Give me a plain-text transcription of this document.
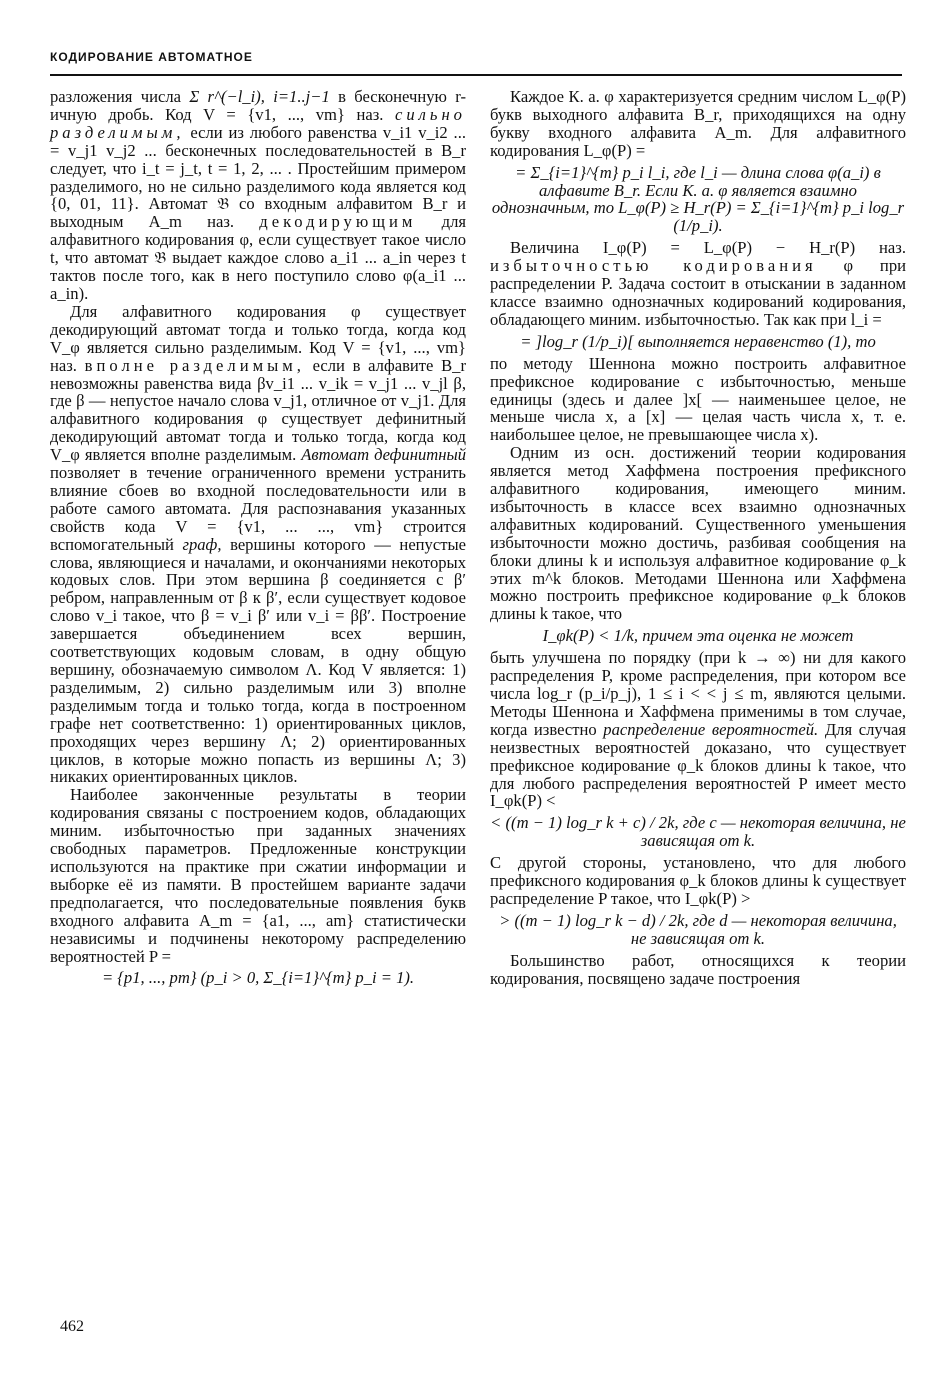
КОДИРОВАНИЕ АВТОМАТНОЕ

разложения числа Σ r^(−l_i), i=1..j−1 в бесконечную r-ичную дробь. Код V = {v1, ..., vm} наз. сильно разделимым, если из любого равенства v_i1 v_i2 ... = v_j1 v_j2 ... бесконечных последовательностей в B_r следует, что i_t = j_t, t = 1, 2, ... . Простейшим примером разделимого, но не сильно разделимого кода является код {0, 01, 11}. Автомат 𝔅 со входным алфавитом B_r и выходным A_m наз. декодирующим для алфавитного кодирования φ, если существует такое число t, что автомат 𝔅 выдает каждое слово a_i1 ... a_in через t тактов после того, как в него поступило слово φ(a_i1 ... a_in).

Для алфавитного кодирования φ существует декодирующий автомат тогда и только тогда, когда код V_φ является сильно разделимым. Код V = {v1, ..., vm} наз. вполне разделимым, если в алфавите B_r невозможны равенства вида βv_i1 ... v_ik = v_j1 ... v_jl β, где β — непустое начало слова v_j1, отличное от v_j1. Для алфавитного кодирования φ существует дефинитный декодирующий автомат тогда и только тогда, когда код V_φ является вполне разделимым. Автомат дефинитный позволяет в течение ограниченного времени устранить влияние сбоев во входной последовательности или в работе самого автомата. Для распознавания указанных свойств кода V = {v1, ... ..., vm} строится вспомогательный граф, вершины которого — непустые слова, являющиеся и началами, и окончаниями некоторых кодовых слов. При этом вершина β соединяется с β′ ребром, направленным от β к β′, если существует кодовое слово v_i такое, что β = v_i β′ или v_i = ββ′. Построение завершается объединением всех вершин, соответствующих кодовым словам, в одну общую вершину, обозначаемую символом Λ. Код V является: 1) разделимым, 2) сильно разделимым или 3) вполне разделимым тогда и только тогда, когда в построенном графе нет соответственно: 1) ориентированных циклов, проходящих через вершину Λ; 2) ориентированных циклов, в которые можно попасть из вершины Λ; 3) никаких ориентированных циклов.

Наиболее законченные результаты в теории кодирования связаны с построением кодов, обладающих миним. избыточностью при заданных значениях свободных параметров. Предложенные конструкции используются на практике при сжатии информации и выборке её из памяти. В простейшем варианте задачи предполагается, что последовательные появления букв входного алфавита A_m = {a1, ..., am} статистически независимы и подчинены некоторому распределению вероятностей P =

= {p1, ..., pm} (p_i > 0, Σ_{i=1}^{m} p_i = 1).

Каждое К. а. φ характеризуется средним числом L_φ(P) букв выходного алфавита B_r, приходящихся на одну букву входного алфавита A_m. Для алфавитного кодирования L_φ(P) =

= Σ_{i=1}^{m} p_i l_i, где l_i — длина слова φ(a_i) в алфавите B_r. Если К. а. φ является взаимно однозначным, то L_φ(P) ≥ H_r(P) = Σ_{i=1}^{m} p_i log_r (1/p_i).

Величина I_φ(P) = L_φ(P) − H_r(P) наз. избыточностью кодирования φ при распределении P. Задача состоит в отыскании в заданном классе взаимно однозначных кодирований кодирования, обладающего миним. избыточностью. Так как при l_i =

= ]log_r (1/p_i)[ выполняется неравенство (1), то

по методу Шеннона можно построить алфавитное префиксное кодирование с избыточностью, меньше единицы (здесь и далее ]x[ — наименьшее целое, не меньше числа x, а [x] — целая часть числа x, т. е. наибольшее целое, не превышающее числа x).

Одним из осн. достижений теории кодирования является метод Хаффмена построения префиксного алфавитного кодирования, имеющего миним. избыточность в классе всех взаимно однозначных алфавитных кодирований. Существенного уменьшения избыточности можно достичь, разбивая сообщения на блоки длины k и используя алфавитное кодирование φ_k этих m^k блоков. Методами Шеннона или Хаффмена можно построить префиксное кодирование φ_k блоков длины k такое, что

I_φk(P) < 1/k, причем эта оценка не может

быть улучшена по порядку (при k → ∞) ни для какого распределения P, кроме распределения, при котором все числа log_r (p_i/p_j), 1 ≤ i < < j ≤ m, являются целыми. Методы Шеннона и Хаффмена применимы в том случае, когда известно распределение вероятностей. Для случая неизвестных вероятностей доказано, что существует префиксное кодирование φ_k блоков длины k такое, что для любого распределения вероятностей P имеет место I_φk(P) <

< ((m − 1) log_r k + c) / 2k, где c — некоторая величина, не зависящая от k.

С другой стороны, установлено, что для любого префиксного кодирования φ_k блоков длины k существует распределение P такое, что I_φk(P) >

> ((m − 1) log_r k − d) / 2k, где d — некоторая величина, не зависящая от k.

Большинство работ, относящихся к теории кодирования, посвящено задаче построения

462
